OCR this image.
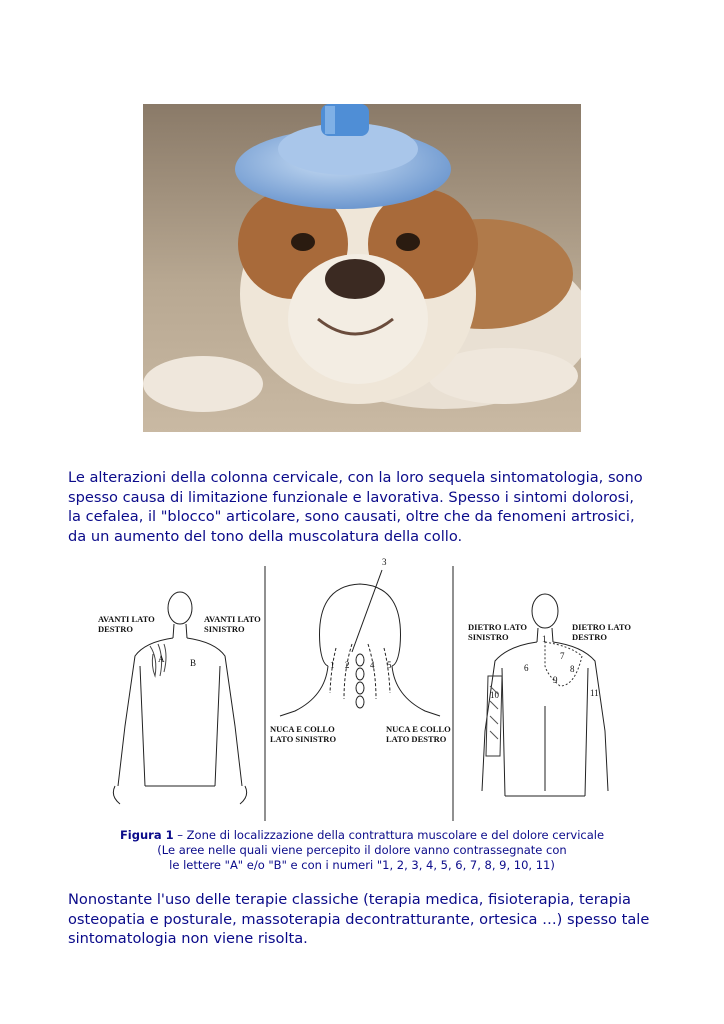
Le alterazioni della colonna cervicale, con la loro sequela sintomatologia, sono
spesso causa di limitazione funzionale e lavorativa. Spesso i sintomi dolorosi,
la cefalea, il "blocco" articolare, sono causati, oltre che da fenomeni artrosici,
da un aumento del tono della muscolatura della collo.

AVANTI LATO
DESTRO
AVANTI LATO
SINISTRO
A	B
3
1 2 4 5
NUCA E COLLO
LATO SINISTRO
NUCA E COLLO
LATO DESTRO
DIETRO LATO
SINISTRO
DIETRO LATO
DESTRO
1
6
7
8
9
10	11
Figura 1 – Zone di localizzazione della contrattura muscolare e del dolore cervicale
(Le aree nelle quali viene percepito il dolore vanno contrassegnate con
le lettere "A" e/o "B" e con i numeri "1, 2, 3, 4, 5, 6, 7, 8, 9, 10, 11)

Nonostante l'uso delle terapie classiche (terapia medica, fisioterapia, terapia
osteopatia e posturale, massoterapia decontratturante, ortesica …) spesso tale
sintomatologia non viene risolta.
